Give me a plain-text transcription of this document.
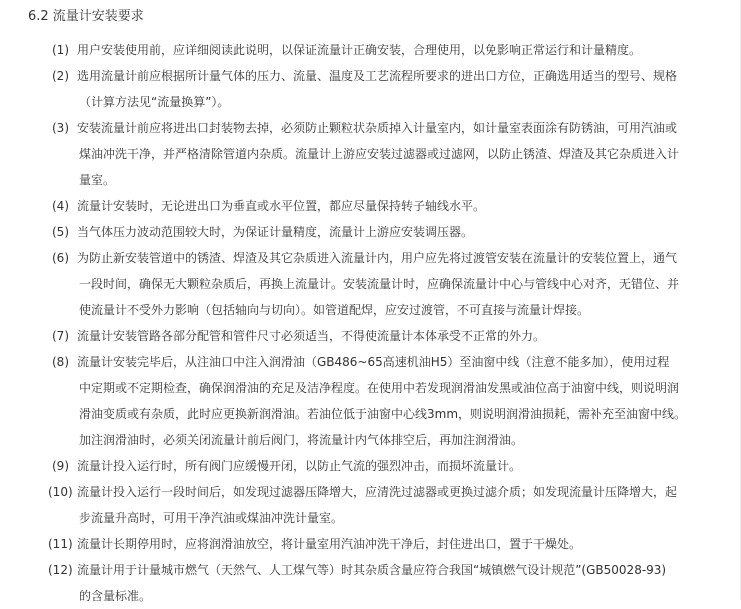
6.2 流量计安装要求
(1) 用户安装使用前，应详细阅读此说明，以保证流量计正确安装，合理使用，以免影响正常运行和计量精度。
(2) 选用流量计前应根据所计量气体的压力、流量、温度及工艺流程所要求的进出口方位，正确选用适当的型号、规格
（计算方法见“流量换算”）。
(3) 安装流量计前应将进出口封装物去掉，必须防止颗粒状杂质掉入计量室内，如计量室表面涂有防锈油，可用汽油或
煤油冲洗干净，并严格清除管道内杂质。流量计上游应安装过滤器或过滤网，以防止锈渣、焊渣及其它杂质进入计
量室。
(4) 流量计安装时，无论进出口为垂直或水平位置，都应尽量保持转子轴线水平。
(5) 当气体压力波动范围较大时，为保证计量精度，流量计上游应安装调压器。
(6) 为防止新安装管道中的锈渣、焊渣及其它杂质进入流量计内，用户应先将过渡管安装在流量计的安装位置上，通气
一段时间，确保无大颗粒杂质后，再换上流量计。安装流量计时，应确保流量计中心与管线中心对齐，无错位、并
使流量计不受外力影响（包括轴向与切向）。如管道配焊，应安过渡管，不可直接与流量计焊接。
(7) 流量计安装管路各部分配管和管件尺寸必须适当，不得使流量计本体承受不正常的外力。
(8) 流量计安装完毕后，从注油口中注入润滑油（GB486~65高速机油H5）至油窗中线（注意不能多加），使用过程
中定期或不定期检查，确保润滑油的充足及洁净程度。在使用中若发现润滑油发黑或油位高于油窗中线，则说明润
滑油变质或有杂质，此时应更换新润滑油。若油位低于油窗中心线3mm，则说明润滑油损耗，需补充至油窗中线。
加注润滑油时，必须关闭流量计前后阀门，将流量计内气体排空后，再加注润滑油。
(9) 流量计投入运行时，所有阀门应缓慢开闭，以防止气流的强烈冲击，而损坏流量计。
(10) 流量计投入运行一段时间后，如发现过滤器压降增大，应清洗过滤器或更换过滤介质；如发现流量计压降增大，起
步流量升高时，可用干净汽油或煤油冲洗计量室。
(11) 流量计长期停用时，应将润滑油放空，将计量室用汽油冲洗干净后，封住进出口，置于干燥处。
(12) 流量计用于计量城市燃气（天然气、人工煤气等）时其杂质含量应符合我国“城镇燃气设计规范”(GB50028-93)
的含量标准。
